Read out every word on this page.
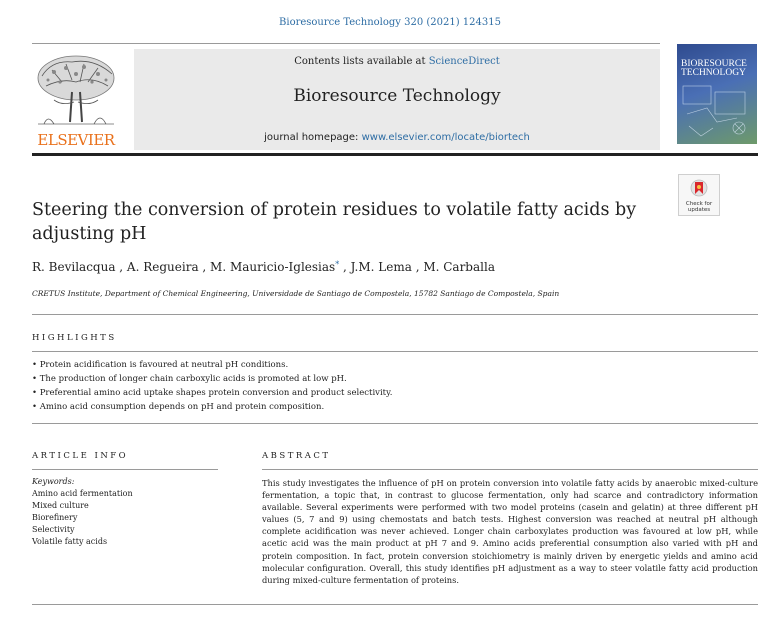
Bioresource Technology 320 (2021) 124315
ELSEVIER
Contents lists available at ScienceDirect
Bioresource Technology
journal homepage: www.elsevier.com/locate/biortech
BIORESOURCE
TECHNOLOGY
Check for
updates
Steering the conversion of protein residues to volatile fatty acids by adjusting pH
R. Bevilacqua , A. Regueira , M. Mauricio-Iglesias* , J.M. Lema , M. Carballa
CRETUS Institute, Department of Chemical Engineering, Universidade de Santiago de Compostela, 15782 Santiago de Compostela, Spain
HIGHLIGHTS
• Protein acidification is favoured at neutral pH conditions.
• The production of longer chain carboxylic acids is promoted at low pH.
• Preferential amino acid uptake shapes protein conversion and product selectivity.
• Amino acid consumption depends on pH and protein composition.
ARTICLE INFO
Keywords:
Amino acid fermentation
Mixed culture
Biorefinery
Selectivity
Volatile fatty acids
ABSTRACT
This study investigates the influence of pH on protein conversion into volatile fatty acids by anaerobic mixed-culture fermentation, a topic that, in contrast to glucose fermentation, only had scarce and contradictory information available. Several experiments were performed with two model proteins (casein and gelatin) at three different pH values (5, 7 and 9) using chemostats and batch tests. Highest conversion was reached at neutral pH although complete acidification was never achieved. Longer chain carboxylates production was favoured at low pH, while acetic acid was the main product at pH 7 and 9. Amino acids preferential consumption also varied with pH and protein composition. In fact, protein conversion stoichiometry is mainly driven by energetic yields and amino acid molecular configuration. Overall, this study identifies pH adjustment as a way to steer volatile fatty acid production during mixed-culture fermentation of proteins.
